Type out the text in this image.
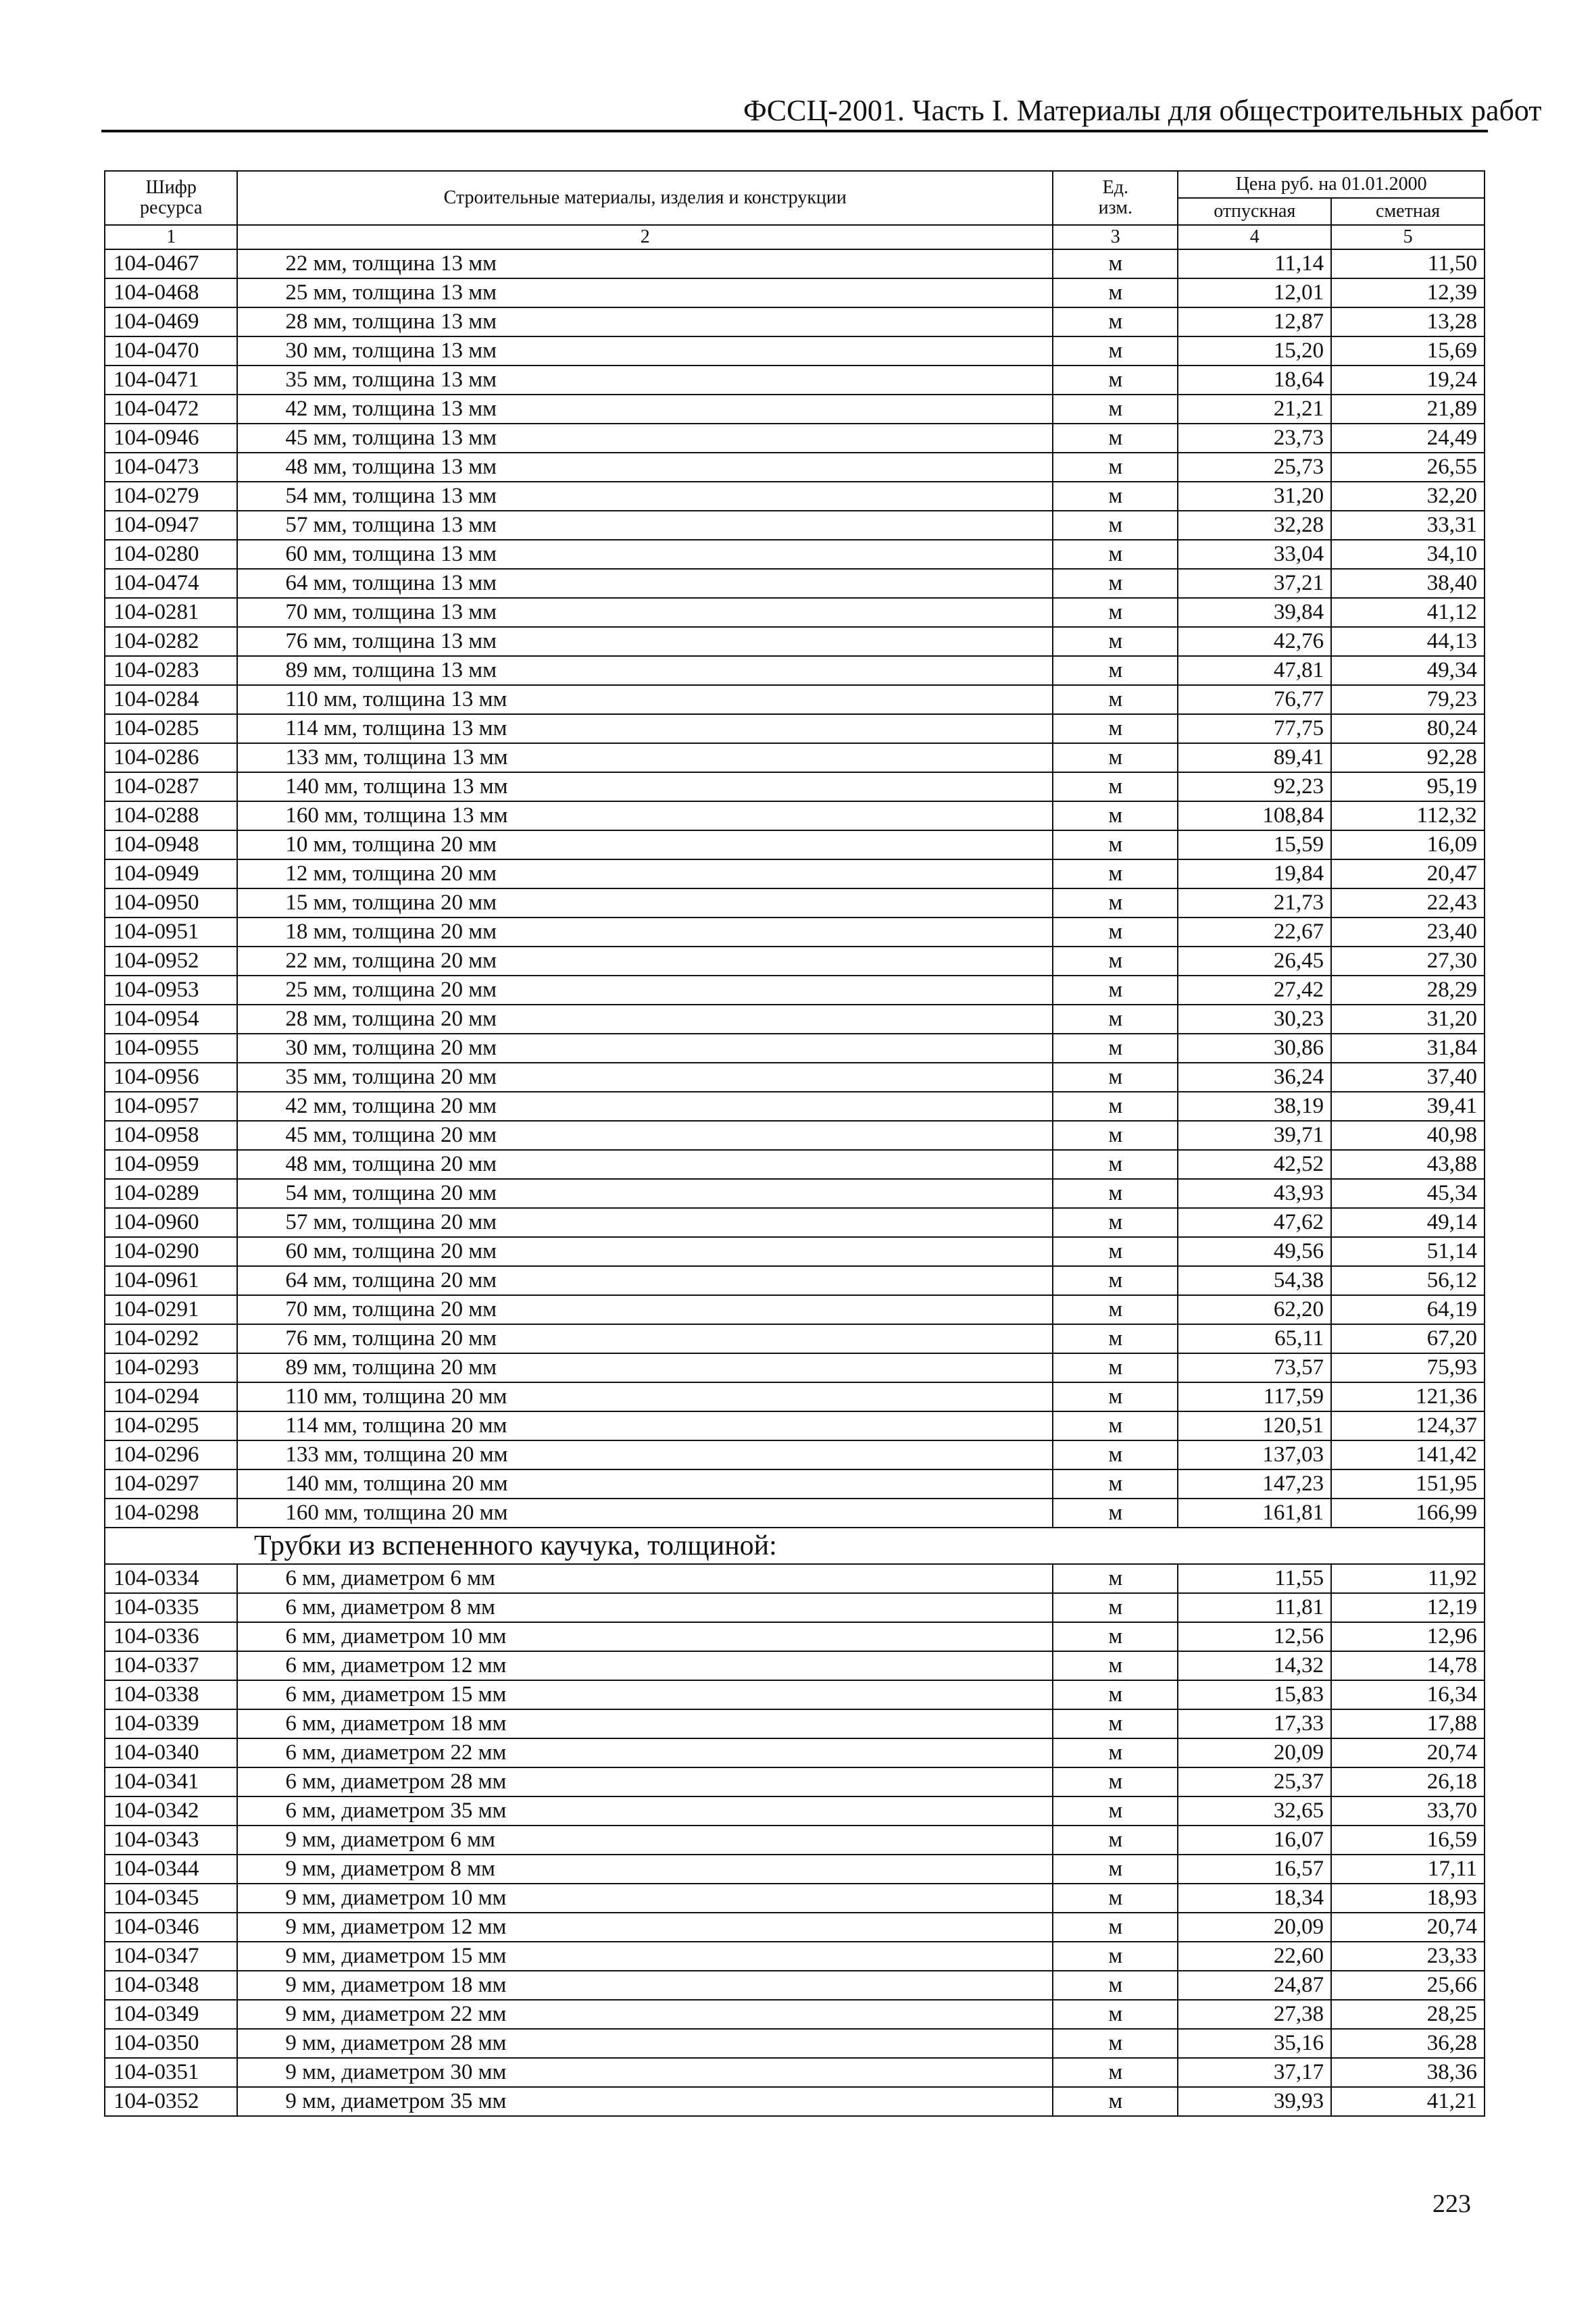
ФССЦ-2001. Часть I. Материалы для общестроительных работ
Шифр ресурса	Строительные материалы, изделия и конструкции	Ед. изм.	Цена руб. на 01.01.2000	
			отпускная	сметная
1	2	3	4	5
104-0467	22 мм, толщина 13 мм	м	11,14	11,50
104-0468	25 мм, толщина 13 мм	м	12,01	12,39
104-0469	28 мм, толщина 13 мм	м	12,87	13,28
104-0470	30 мм, толщина 13 мм	м	15,20	15,69
104-0471	35 мм, толщина 13 мм	м	18,64	19,24
104-0472	42 мм, толщина 13 мм	м	21,21	21,89
104-0946	45 мм, толщина 13 мм	м	23,73	24,49
104-0473	48 мм, толщина 13 мм	м	25,73	26,55
104-0279	54 мм, толщина 13 мм	м	31,20	32,20
104-0947	57 мм, толщина 13 мм	м	32,28	33,31
104-0280	60 мм, толщина 13 мм	м	33,04	34,10
104-0474	64 мм, толщина 13 мм	м	37,21	38,40
104-0281	70 мм, толщина 13 мм	м	39,84	41,12
104-0282	76 мм, толщина 13 мм	м	42,76	44,13
104-0283	89 мм, толщина 13 мм	м	47,81	49,34
104-0284	110 мм, толщина 13 мм	м	76,77	79,23
104-0285	114 мм, толщина 13 мм	м	77,75	80,24
104-0286	133 мм, толщина 13 мм	м	89,41	92,28
104-0287	140 мм, толщина 13 мм	м	92,23	95,19
104-0288	160 мм, толщина 13 мм	м	108,84	112,32
104-0948	10 мм, толщина 20 мм	м	15,59	16,09
104-0949	12 мм, толщина 20 мм	м	19,84	20,47
104-0950	15 мм, толщина 20 мм	м	21,73	22,43
104-0951	18 мм, толщина 20 мм	м	22,67	23,40
104-0952	22 мм, толщина 20 мм	м	26,45	27,30
104-0953	25 мм, толщина 20 мм	м	27,42	28,29
104-0954	28 мм, толщина 20 мм	м	30,23	31,20
104-0955	30 мм, толщина 20 мм	м	30,86	31,84
104-0956	35 мм, толщина 20 мм	м	36,24	37,40
104-0957	42 мм, толщина 20 мм	м	38,19	39,41
104-0958	45 мм, толщина 20 мм	м	39,71	40,98
104-0959	48 мм, толщина 20 мм	м	42,52	43,88
104-0289	54 мм, толщина 20 мм	м	43,93	45,34
104-0960	57 мм, толщина 20 мм	м	47,62	49,14
104-0290	60 мм, толщина 20 мм	м	49,56	51,14
104-0961	64 мм, толщина 20 мм	м	54,38	56,12
104-0291	70 мм, толщина 20 мм	м	62,20	64,19
104-0292	76 мм, толщина 20 мм	м	65,11	67,20
104-0293	89 мм, толщина 20 мм	м	73,57	75,93
104-0294	110 мм, толщина 20 мм	м	117,59	121,36
104-0295	114 мм, толщина 20 мм	м	120,51	124,37
104-0296	133 мм, толщина 20 мм	м	137,03	141,42
104-0297	140 мм, толщина 20 мм	м	147,23	151,95
104-0298	160 мм, толщина 20 мм	м	161,81	166,99
Трубки из вспененного каучука, толщиной:				
104-0334	6 мм, диаметром 6 мм	м	11,55	11,92
104-0335	6 мм, диаметром 8 мм	м	11,81	12,19
104-0336	6 мм, диаметром 10 мм	м	12,56	12,96
104-0337	6 мм, диаметром 12 мм	м	14,32	14,78
104-0338	6 мм, диаметром 15 мм	м	15,83	16,34
104-0339	6 мм, диаметром 18 мм	м	17,33	17,88
104-0340	6 мм, диаметром 22 мм	м	20,09	20,74
104-0341	6 мм, диаметром 28 мм	м	25,37	26,18
104-0342	6 мм, диаметром 35 мм	м	32,65	33,70
104-0343	9 мм, диаметром 6 мм	м	16,07	16,59
104-0344	9 мм, диаметром 8 мм	м	16,57	17,11
104-0345	9 мм, диаметром 10 мм	м	18,34	18,93
104-0346	9 мм, диаметром 12 мм	м	20,09	20,74
104-0347	9 мм, диаметром 15 мм	м	22,60	23,33
104-0348	9 мм, диаметром 18 мм	м	24,87	25,66
104-0349	9 мм, диаметром 22 мм	м	27,38	28,25
104-0350	9 мм, диаметром 28 мм	м	35,16	36,28
104-0351	9 мм, диаметром 30 мм	м	37,17	38,36
104-0352	9 мм, диаметром 35 мм	м	39,93	41,21
223
